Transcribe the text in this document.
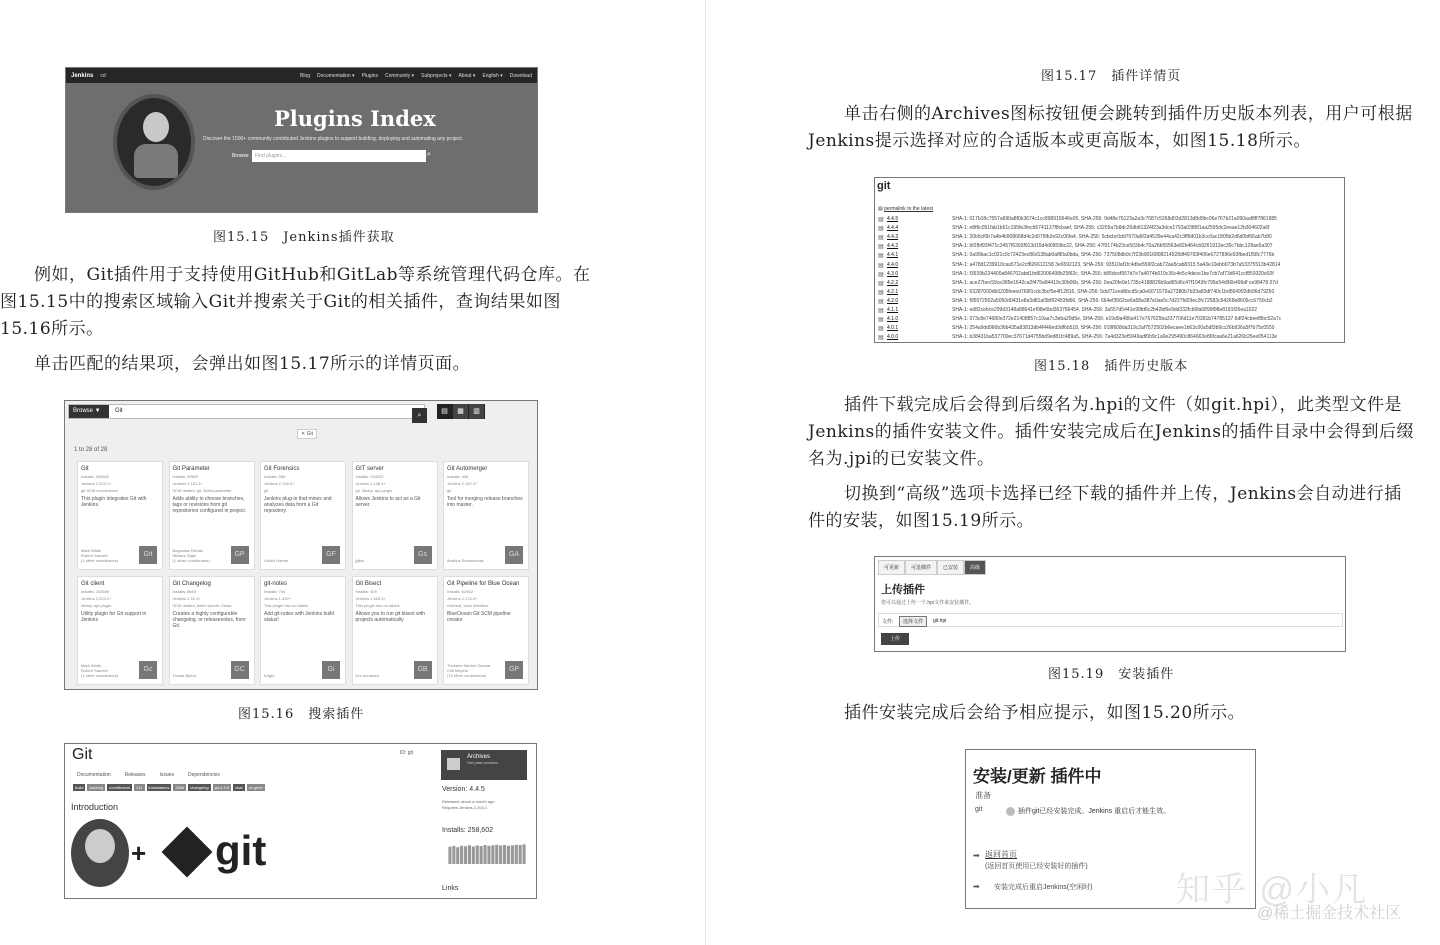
Jenkins cd	Blog Documentation ▾ Plugins Community ▾ Subprojects ▾ About ▾ English ▾ Download
Plugins Index
Discover the 1500+ community contributed Jenkins plugins to support building, deploying and automating any project.
Browse	Find plugins...	⌕
图15.15　Jenkins插件获取
例如，Git插件用于支持使用GitHub和GitLab等系统管理代码仓库。在图15.15中的搜索区域输入Git并搜索关于Git的相关插件，查询结果如图15.16所示。
单击匹配的结果项，会弹出如图15.17所示的详情页面。
Browse ▼	Git	⌕	▤	▦	▥
✕ Git
1 to 28 of 28
Git
Installs: 250602
Jenkins 2.204.1+
git SCM connections
This plugin integrates Git with Jenkins.
Mark Waite
Robert Sandell
(1 other contributors)
Git
Git Parameter
Installs: 49602
Jenkins 2.121.1+
SCM related, git, Build parameter
Adds ability to choose branches, tags or revisions from git repositories configured in project.
Boguslaw Klimas
Niklaus Giger
(1 other contributors)
GP
Git Forensics
Installs: 586
Jenkins 2.138.4+
git
Jenkins plug-in that mines and analyzes data from a Git repository.
Ullrich Hafner
GF
GIT server
Installs: 243022
Jenkins 2.138.4+
git, library, api-plugin
Allows Jenkins to act as a Git server.
jglick
Gs
Git Automerger
Installs: 436
Jenkins 2.150.3+
git
Tool for merging release branches into master.
Andrius Semionovas
GA
Git client
Installs: 263569
Jenkins 2.204.1+
library, api-plugin
Utility plugin for Git support in Jenkins
Mark Waite
Robert Sandell
(1 other contributors)
Gc
Git Changelog
Installs: 8653
Jenkins 2.32.3+
SCM related, build reports, Clean
Creates a highly configurable changelog, or releasenotes, from Git.
Tomas Bjerre
GC
git-notes
Installs: 704
Jenkins 1.432+
This plugin has no labels
Add git-notes with Jenkins build status!
lr.light
Gi
Git Bisect
Installs: 309
Jenkins 1.625.3+
This plugin has no labels
Allows you to run git bisect with projects automatically
Dor Avraham
GB
Git Pipeline for Blue Ocean
Installs: 62952
Jenkins 2.176.4+
external, User Interface
BlueOcean Git SCM pipeline creator
Thorsten Iberian Sumaa
Cliff Meyers
(13 other contributors)
GP
图15.16　搜索插件
Git	ID: git
Documentation	Releases	Issues	Dependencies
build	passing	contributors	211	installations	259k	changelog	git-4.4.5	chat	on gitter
Introduction
+ git
Archives
Get past versions
Version: 4.4.5
Released: about a month ago
Requires Jenkins 2.204.1
Installs: 258,602
Links
图15.17　插件详情页
单击右侧的Archives图标按钮便会跳转到插件历史版本列表，用户可根据Jenkins提示选择对应的合适版本或更高版本，如图15.18所示。
git
▤ permalink to the latest
▤ 4.4.5	SHA-1: 017b18c7557a690a8f0b3674c1cc898915646e05, SHA-256: 9d48e76123a2a3c7087c5268d03d2813d8d9bc06e767b21a090aaf8ff7861985
▤ 4.4.4	SHA-1: e8f6c051fab1b61c195fe3fecb5741137f8cbaef, SHA-256: c3205a7b8dc26db81324f23a3dce1793a0386f1aa2595dc2eeae12b304602a6f
▤ 4.4.3	SHA-1: 20b5cf0b7a4b4b908668d4c2d075fb2e92c06fa4, SHA-256: 5cbcbc0dd7070a6f2d4539e44ca42c3ff9d01b3cc0ac1805b2d6d0bf66ab7b80
▤ 4.4.2	SHA-1: bf2fbf93f471c3457f6393f913d15d4d0959bc22, SHA-256: 47f3174b23ce503b4c70a26b55563e82b464cb9261913ec35c7bbc128ae5a307
▤ 4.4.1	SHA-1: 0a99bac1c021c0c72423ec86d138ab0af80a0bda, SHA-256: 737508db9c7f23b9016808214528df49793f406e6727896e93fbed1f58c7776b
▤ 4.4.0	SHA-1: a478d1239910caa571e2cf826612158 3e6592123, SHA-256: 93510af1fc4dbe556f2cab72aa5cab8315 5a43e10ebb073b7a53375513b42814
▤ 4.3.0	SHA-1: f3939b224400a846702abd1bd62006498b25f62c, SHA-256: b85dcef957d7e7a4074b019c36c4e5c4dece1be7cb7af73d641ccf859320e02f
▤ 4.2.2	SHA-1: ace27bec59ce385e1642ca2f475e84419c30b06b, SHA-256: 0ea20fe0e1735c4188826b9ad65d6c47f1043fc795e54d96b496df ce98478 07d
▤ 4.2.1	SHA-1: 63287000db0205feeed769f1cdc3bcf5e4f12816, SHA-256: 5dcf71eed6bcd5ca0e6071579a27380b7b33a83df740c1bd564992db96d79250
▤ 4.2.0	SHA-1: f95072902a5050d0431e8a3d81af3bf92453fd66, SHA-256: 664ef3562ce6a58a387e0ae5c7d227fd29ec2fc72583c64268e8605cc6750cb2
▤ 4.1.1	SHA-1: ed82cebce299d3148a88641ef98e6bd363766454, SHA-256: 3a557d5441e99fd6c2b42bf6e9dd332fcb9fa0899f98e8191f26ea1022
▤ 4.1.0	SHA-1: 073c8e74680e372e21408857c10aa7c3eba20d5e, SHA-256: e19d9a486a417e767625ba337706d11e70381b74785137 6df24cbeef8bc52a7c
▤ 4.0.1	SHA-1: 254a9dd966b36b435a83813db4f446ed3df6b518, SHA-256: 019f608da319c2af7572502b6ecaee1b63c00a5df3b9cc26b936a5f7b75c0550
▤ 4.0.0	SHA-1: b38431ba537700ec37671d4755bd9ed81fc489a5, SHA-256: 7a4d323ef5949adf0b9c1a0e295490c864663e86fcaa6e21a626b25ee054113e
图15.18　插件历史版本
插件下载完成后会得到后缀名为.hpi的文件（如git.hpi），此类型文件是Jenkins的插件安装文件。插件安装完成后在Jenkins的插件目录中会得到后缀名为.jpi的已安装文件。
切换到“高级”选项卡选择已经下载的插件并上传，Jenkins会自动进行插件的安装，如图15.19所示。
可更新	可选插件	已安装	高级
上传插件
您可以通过上传一个.hpi文件来安装插件。
文件:	选择文件	git.hpi
上传
图15.19　安装插件
插件安装完成后会给予相应提示，如图15.20所示。
安装/更新 插件中
准备
git	插件git已经安装完成。Jenkins 重启后才能生效。
➡ 返回首页
(返回首页使用已经安装好的插件)
➡ 安装完成后重启Jenkins(空闲时) 知乎 @小凡
@稀土掘金技术社区
